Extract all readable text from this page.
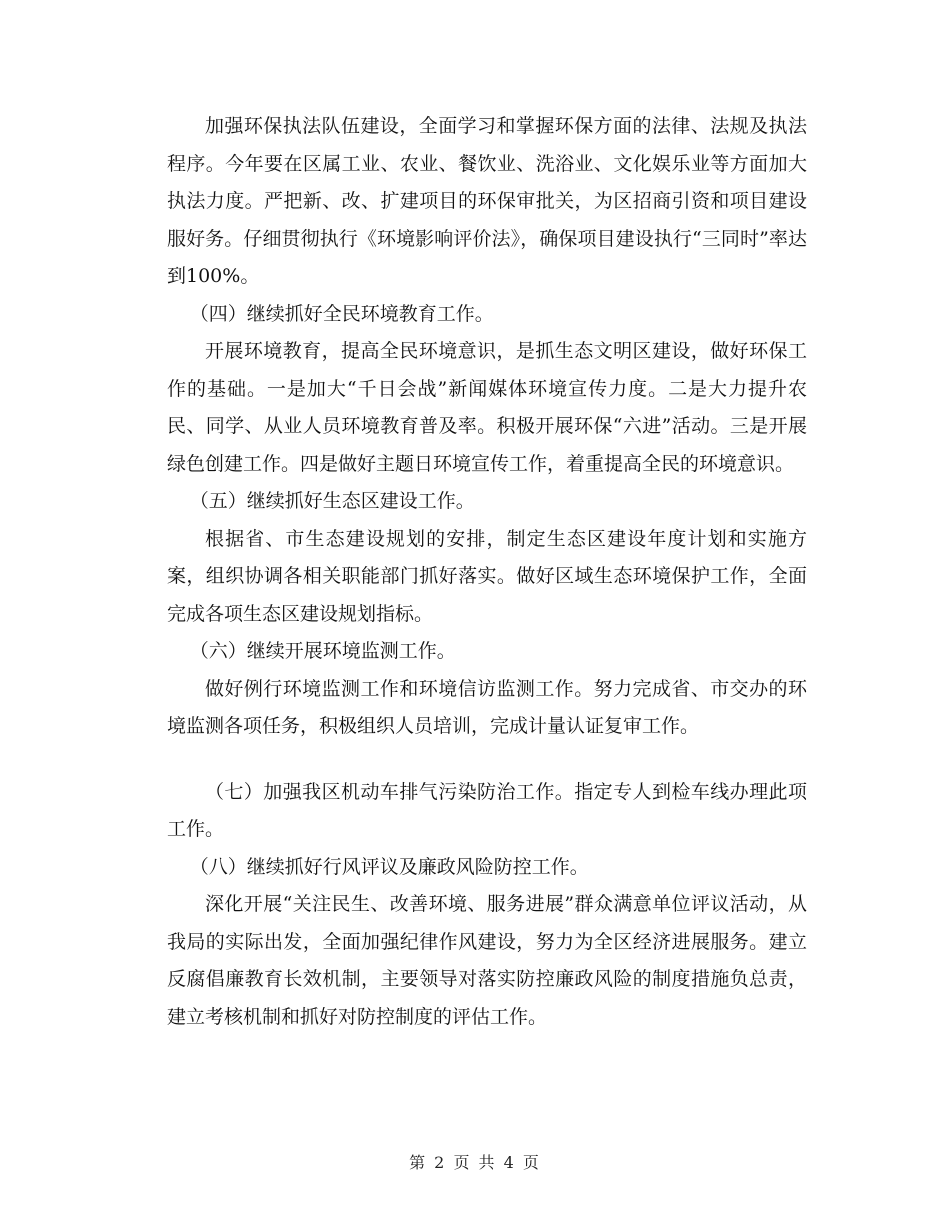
加强环保执法队伍建设，全面学习和掌握环保方面的法律、法规及执法程序。今年要在区属工业、农业、餐饮业、洗浴业、文化娱乐业等方面加大执法力度。严把新、改、扩建项目的环保审批关，为区招商引资和项目建设服好务。仔细贯彻执行《环境影响评价法》，确保项目建设执行“三同时”率达到100%。

（四）继续抓好全民环境教育工作。

开展环境教育，提高全民环境意识，是抓生态文明区建设，做好环保工作的基础。一是加大“千日会战”新闻媒体环境宣传力度。二是大力提升农民、同学、从业人员环境教育普及率。积极开展环保“六进”活动。三是开展绿色创建工作。四是做好主题日环境宣传工作，着重提高全民的环境意识。

（五）继续抓好生态区建设工作。

根据省、市生态建设规划的安排，制定生态区建设年度计划和实施方案，组织协调各相关职能部门抓好落实。做好区域生态环境保护工作，全面完成各项生态区建设规划指标。

（六）继续开展环境监测工作。

做好例行环境监测工作和环境信访监测工作。努力完成省、市交办的环境监测各项任务，积极组织人员培训，完成计量认证复审工作。

（七）加强我区机动车排气污染防治工作。指定专人到检车线办理此项工作。

（八）继续抓好行风评议及廉政风险防控工作。

深化开展“关注民生、改善环境、服务进展”群众满意单位评议活动，从我局的实际出发，全面加强纪律作风建设，努力为全区经济进展服务。建立反腐倡廉教育长效机制，主要领导对落实防控廉政风险的制度措施负总责，建立考核机制和抓好对防控制度的评估工作。

第 2 页 共 4 页
